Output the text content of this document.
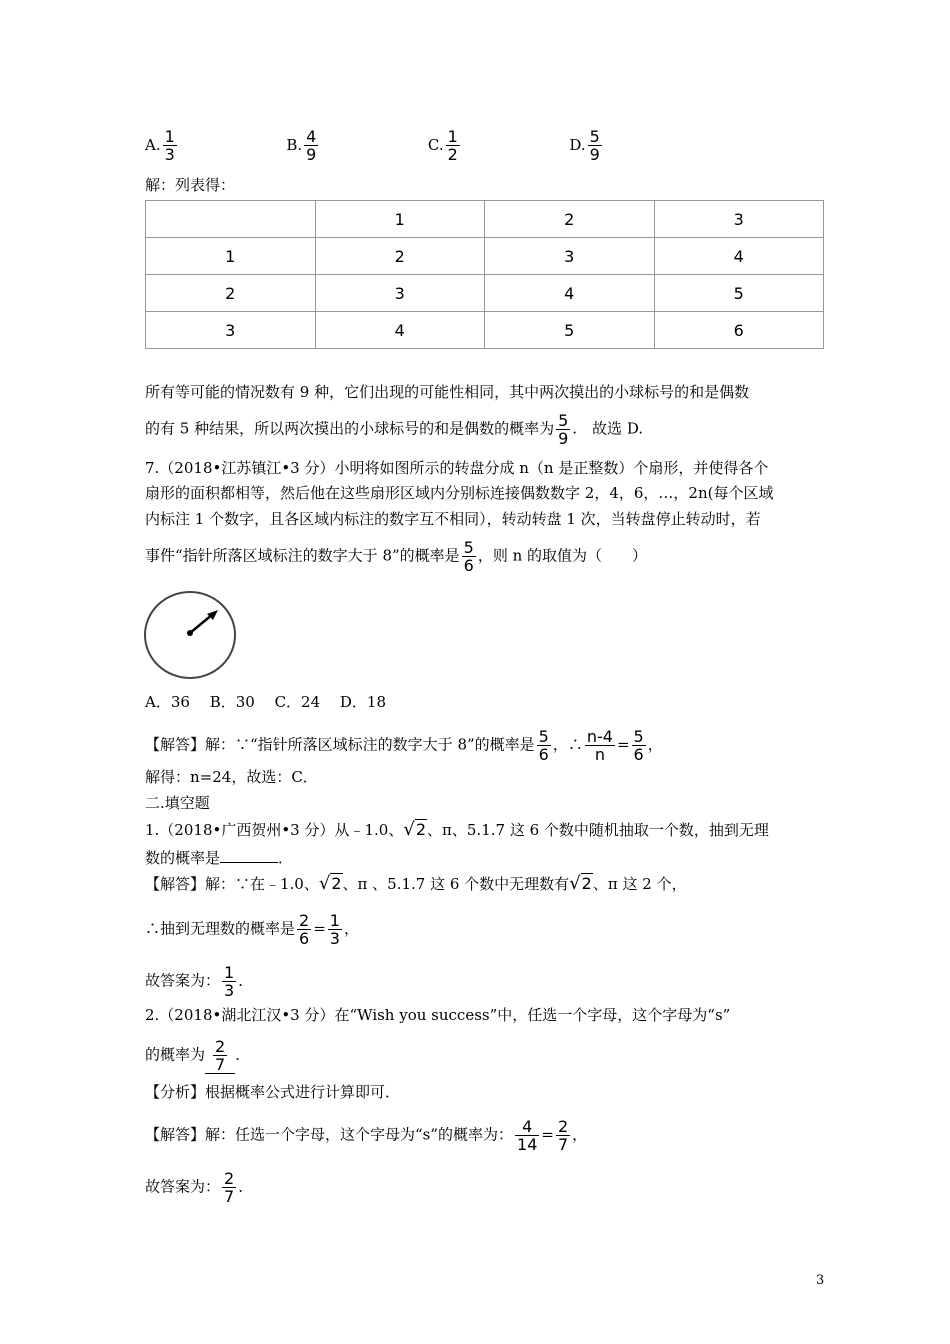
A. $\frac{1}{3}$	B. $\frac{4}{9}$	C. $\frac{1}{2}$	D. $\frac{5}{9}$
解：列表得：
	1	2	3
1	2	3	4
2	3	4	5
3	4	5	6
所有等可能的情况数有 9 种，它们出现的可能性相同，其中两次摸出的小球标号的和是偶数
的有 5 种结果，所以两次摸出的小球标号的和是偶数的概率为 $\frac{5}{9}$ .　故选 D.
7.（2018•江苏镇江•3 分）小明将如图所示的转盘分成 n（n 是正整数）个扇形，并使得各个
扇形的面积都相等，然后他在这些扇形区域内分别标连接偶数数字 2，4，6，…，2n(每个区域
内标注 1 个数字，且各区域内标注的数字互不相同），转动转盘 1 次，当转盘停止转动时，若
事件“指针所落区域标注的数字大于 8”的概率是 $\frac{5}{6}$ ，则 n 的取值为（　　）
A．36　 B．30　 C．24　 D．18
【解答】解：∵“指针所落区域标注的数字大于 8”的概率是 $\frac{5}{6}$ ，∴ $\frac{n-4}{n} = \frac{5}{6}$ ，
解得：n=24，故选：C．
二.填空题
1.（2018•广西贺州•3 分）从﹣1.0、√2、π、5.1.7 这 6 个数中随机抽取一个数，抽到无理
数的概率是	．
【解答】解：∵在﹣1.0、√2、π 、5.1.7 这 6 个数中无理数有√2、π 这 2 个，
∴抽到无理数的概率是 $\frac{2}{6} = \frac{1}{3}$ ，
故答案为： $\frac{1}{3}$ ．
2.（2018•湖北江汉•3 分）在“Wish you success”中，任选一个字母，这个字母为“s”
的概率为 $\frac{2}{7}$ ．
【分析】根据概率公式进行计算即可．
【解答】解：任选一个字母，这个字母为“s”的概率为： $\frac{4}{14} = \frac{2}{7}$ ，
故答案为： $\frac{2}{7}$ ．
3
